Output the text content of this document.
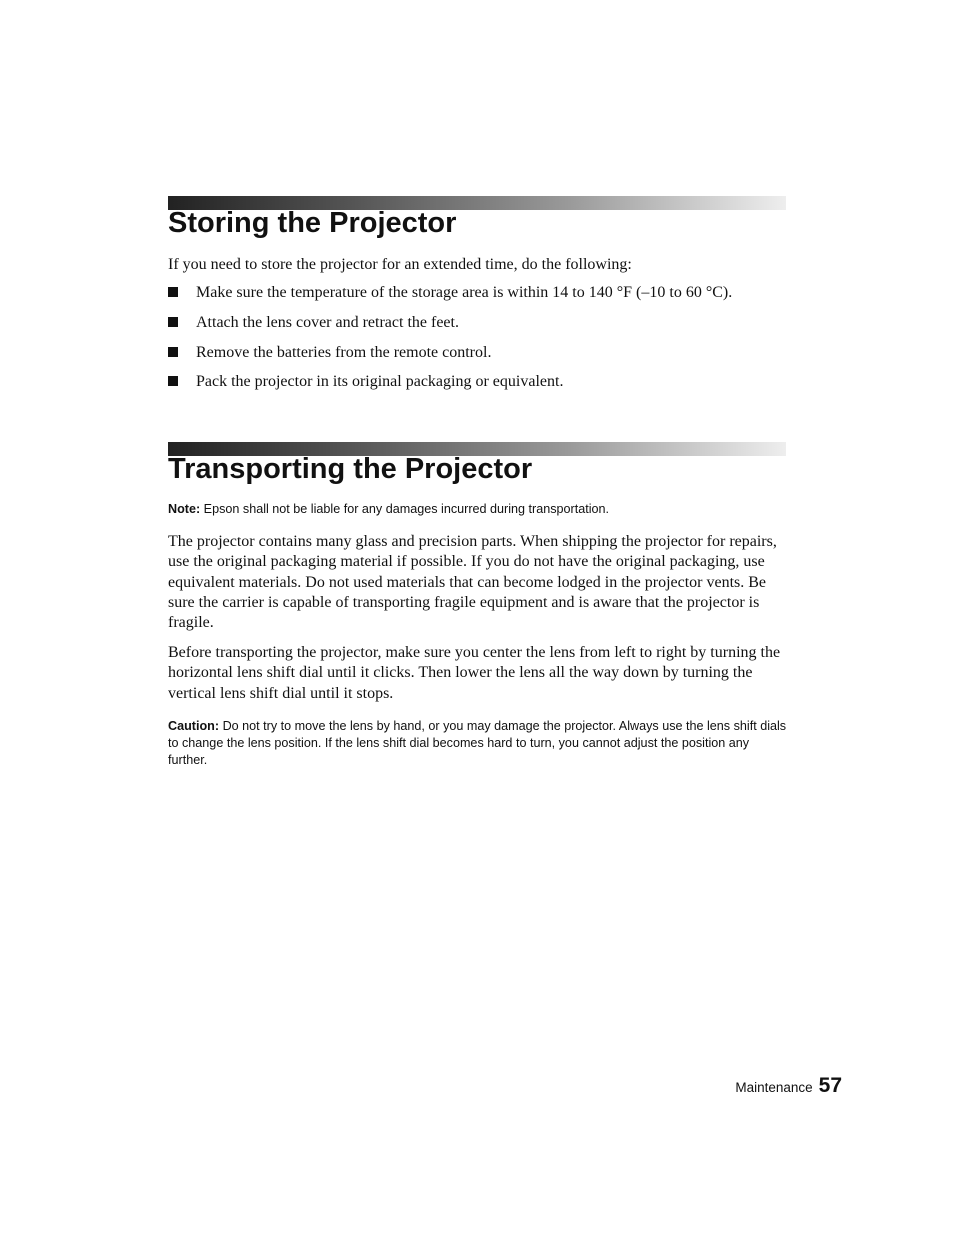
Storing the Projector

If you need to store the projector for an extended time, do the following:

Make sure the temperature of the storage area is within 14 to 140 °F (–10 to 60 °C).
Attach the lens cover and retract the feet.
Remove the batteries from the remote control.
Pack the projector in its original packaging or equivalent.
Transporting the Projector

Note: Epson shall not be liable for any damages incurred during transportation.

The projector contains many glass and precision parts. When shipping the projector for repairs, use the original packaging material if possible. If you do not have the original packaging, use equivalent materials. Do not used materials that can become lodged in the projector vents. Be sure the carrier is capable of transporting fragile equipment and is aware that the projector is fragile.

Before transporting the projector, make sure you center the lens from left to right by turning the horizontal lens shift dial until it clicks. Then lower the lens all the way down by turning the vertical lens shift dial until it stops.

Caution: Do not try to move the lens by hand, or you may damage the projector. Always use the lens shift dials to change the lens position. If the lens shift dial becomes hard to turn, you cannot adjust the position any further.

Maintenance 57
